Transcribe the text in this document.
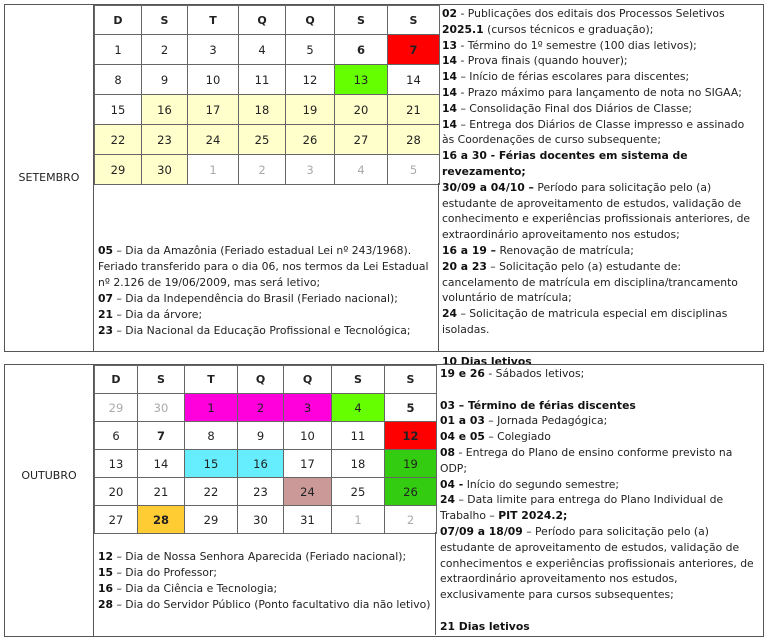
SETEMBRO
D	S	T	Q	Q	S	S
1	2	3	4	5	6	7
8	9	10	11	12	13	14
15	16	17	18	19	20	21
22	23	24	25	26	27	28
29	30	1	2	3	4	5

05 – Dia da Amazônia (Feriado estadual Lei nº 243/1968). Feriado transferido para o dia 06, nos termos da Lei Estadual nº 2.126 de 19/06/2009, mas será letivo;

07 – Dia da Independência do Brasil (Feriado nacional);

21 – Dia da árvore;

23 – Dia Nacional da Educação Profissional e Tecnológica;

02 - Publicações dos editais dos Processos Seletivos 2025.1 (cursos técnicos e graduação);

13 - Término do 1º semestre (100 dias letivos);

14 - Prova finais (quando houver);

14 – Início de férias escolares para discentes;

14 - Prazo máximo para lançamento de nota no SIGAA;

14 – Consolidação Final dos Diários de Classe;

14 – Entrega dos Diários de Classe impresso e assinado às Coordenações de curso subsequente;

16 a 30 - Férias docentes em sistema de revezamento;

30/09 a 04/10 – Período para solicitação pelo (a) estudante de aproveitamento de estudos, validação de conhecimento e experiências profissionais anteriores, de extraordinário aproveitamento nos estudos;

16 a 19 – Renovação de matrícula;

20 a 23 – Solicitação pelo (a) estudante de: cancelamento de matrícula em disciplina/trancamento voluntário de matrícula;

24 – Solicitação de matricula especial em disciplinas isoladas.

10 Dias letivos

OUTUBRO
D	S	T	Q	Q	S	S
29	30	1	2	3	4	5
6	7	8	9	10	11	12
13	14	15	16	17	18	19
20	21	22	23	24	25	26
27	28	29	30	31	1	2

12 – Dia de Nossa Senhora Aparecida (Feriado nacional);

15 – Dia do Professor;

16 – Dia da Ciência e Tecnologia;

28 – Dia do Servidor Público (Ponto facultativo dia não letivo)

19 e 26 - Sábados letivos;

03 – Término de férias discentes

01 a 03 – Jornada Pedagógica;

04 e 05 – Colegiado

08 - Entrega do Plano de ensino conforme previsto na ODP;

04 - Início do segundo semestre;

24 – Data limite para entrega do Plano Individual de Trabalho – PIT 2024.2;

07/09 a 18/09 – Período para solicitação pelo (a) estudante de aproveitamento de estudos, validação de conhecimentos e experiências profissionais anteriores, de extraordinário aproveitamento nos estudos, exclusivamente para cursos subsequentes;

21 Dias letivos
